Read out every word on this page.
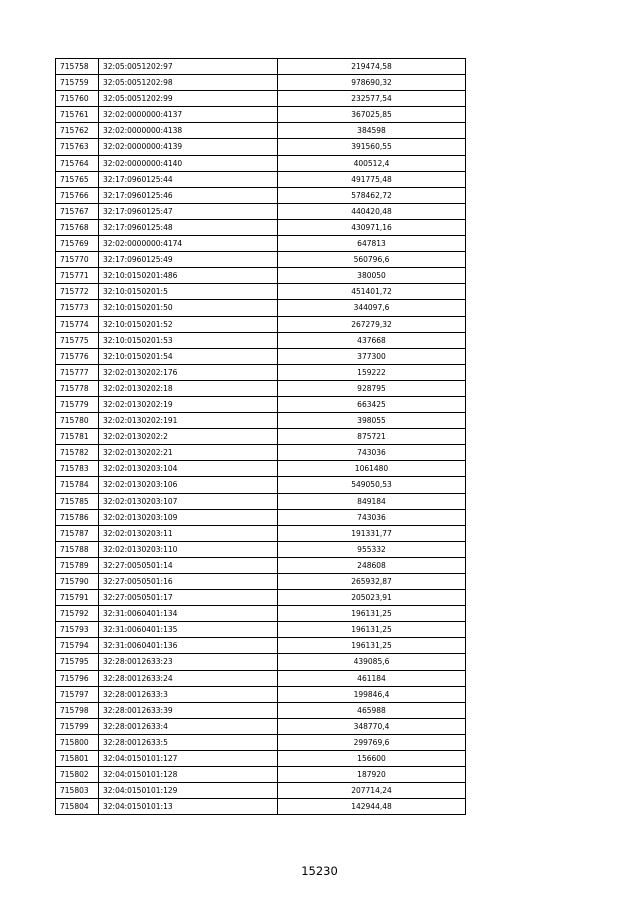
715758	32:05:0051202:97	219474,58
715759	32:05:0051202:98	978690,32
715760	32:05:0051202:99	232577,54
715761	32:02:0000000:4137	367025,85
715762	32:02:0000000:4138	384598
715763	32:02:0000000:4139	391560,55
715764	32:02:0000000:4140	400512,4
715765	32:17:0960125:44	491775,48
715766	32:17:0960125:46	578462,72
715767	32:17:0960125:47	440420,48
715768	32:17:0960125:48	430971,16
715769	32:02:0000000:4174	647813
715770	32:17:0960125:49	560796,6
715771	32:10:0150201:486	380050
715772	32:10:0150201:5	451401,72
715773	32:10:0150201:50	344097,6
715774	32:10:0150201:52	267279,32
715775	32:10:0150201:53	437668
715776	32:10:0150201:54	377300
715777	32:02:0130202:176	159222
715778	32:02:0130202:18	928795
715779	32:02:0130202:19	663425
715780	32:02:0130202:191	398055
715781	32:02:0130202:2	875721
715782	32:02:0130202:21	743036
715783	32:02:0130203:104	1061480
715784	32:02:0130203:106	549050,53
715785	32:02:0130203:107	849184
715786	32:02:0130203:109	743036
715787	32:02:0130203:11	191331,77
715788	32:02:0130203:110	955332
715789	32:27:0050501:14	248608
715790	32:27:0050501:16	265932,87
715791	32:27:0050501:17	205023,91
715792	32:31:0060401:134	196131,25
715793	32:31:0060401:135	196131,25
715794	32:31:0060401:136	196131,25
715795	32:28:0012633:23	439085,6
715796	32:28:0012633:24	461184
715797	32:28:0012633:3	199846,4
715798	32:28:0012633:39	465988
715799	32:28:0012633:4	348770,4
715800	32:28:0012633:5	299769,6
715801	32:04:0150101:127	156600
715802	32:04:0150101:128	187920
715803	32:04:0150101:129	207714,24
715804	32:04:0150101:13	142944,48
15230
